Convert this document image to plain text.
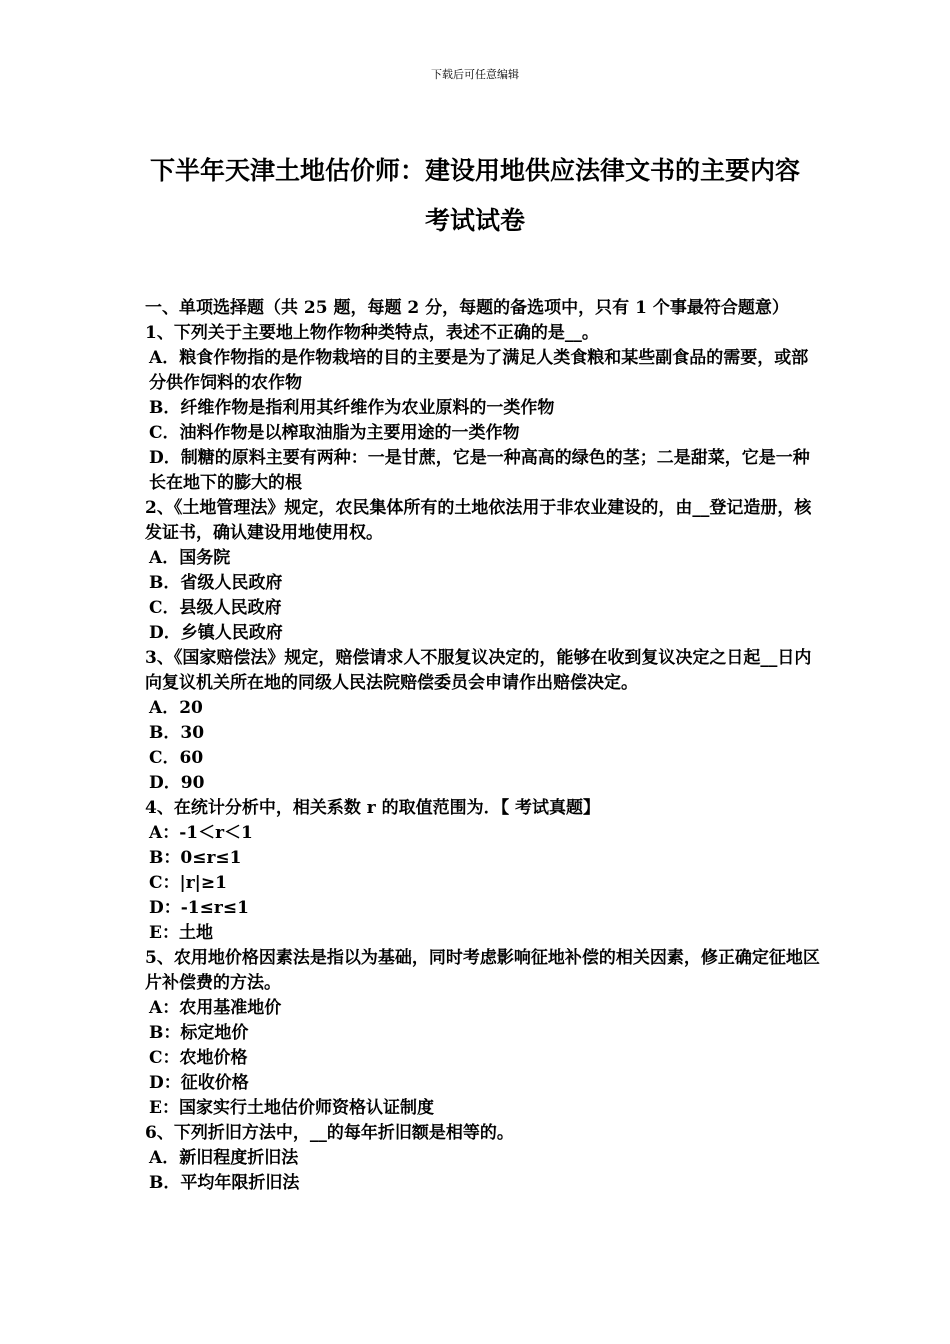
下载后可任意编辑
下半年天津土地估价师：建设用地供应法律文书的主要内容考试试卷

一、单项选择题（共 25 题，每题 2 分，每题的备选项中，只有 1 个事最符合题意）

1、下列关于主要地上物作物种类特点，表述不正确的是__。

A．粮食作物指的是作物栽培的目的主要是为了满足人类食粮和某些副食品的需要，或部分供作饲料的农作物

B．纤维作物是指利用其纤维作为农业原料的一类作物

C．油料作物是以榨取油脂为主要用途的一类作物

D．制糖的原料主要有两种：一是甘蔗，它是一种高高的绿色的茎；二是甜菜，它是一种长在地下的膨大的根

2、《土地管理法》规定，农民集体所有的土地依法用于非农业建设的，由__登记造册，核发证书，确认建设用地使用权。

A．国务院

B．省级人民政府

C．县级人民政府

D．乡镇人民政府

3、《国家赔偿法》规定，赔偿请求人不服复议决定的，能够在收到复议决定之日起__日内向复议机关所在地的同级人民法院赔偿委员会申请作出赔偿决定。

A．20

B．30

C．60

D．90

4、在统计分析中，相关系数 r 的取值范围为．【 考试真题】

A：-1＜r＜1

B：0≤r≤1

C：|r|≥1

D：-1≤r≤1

E：土地

5、农用地价格因素法是指以为基础，同时考虑影响征地补偿的相关因素，修正确定征地区片补偿费的方法。

A：农用基准地价

B：标定地价

C：农地价格

D：征收价格

E：国家实行土地估价师资格认证制度

6、下列折旧方法中，__的每年折旧额是相等的。

A．新旧程度折旧法

B．平均年限折旧法
